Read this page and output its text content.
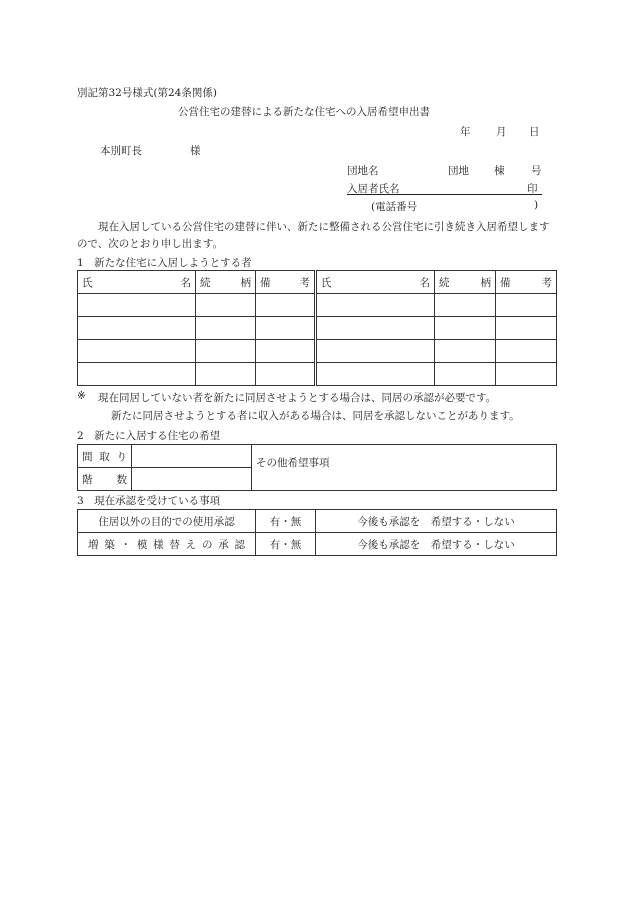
別記第32号様式(第24条関係)
公営住宅の建替による新たな住宅への入居希望申出書
年 月 日
本別町長	様
団地名	団地 棟	号
入居者氏名	印
(電話番号	)
現在入居している公営住宅の建替に伴い、新たに整備される公営住宅に引き続き入居希望しますので、次のとおり申し出ます。
1　新たな住宅に入居しようとする者
氏名	続柄	備考	氏名	続柄	備考

※ 現在同居していない者を新たに同居させようとする場合は、同居の承認が必要です。
新たに同居させようとする者に収入がある場合は、同居を承認しないことがあります。
2　新たに入居する住宅の希望
間取り		その他希望事項
階数		
3　現在承認を受けている事項
住居以外の目的での使用承認	有・無	今後も承認を　希望する・しない
増築・模様替えの承認	有・無	今後も承認を　希望する・しない
